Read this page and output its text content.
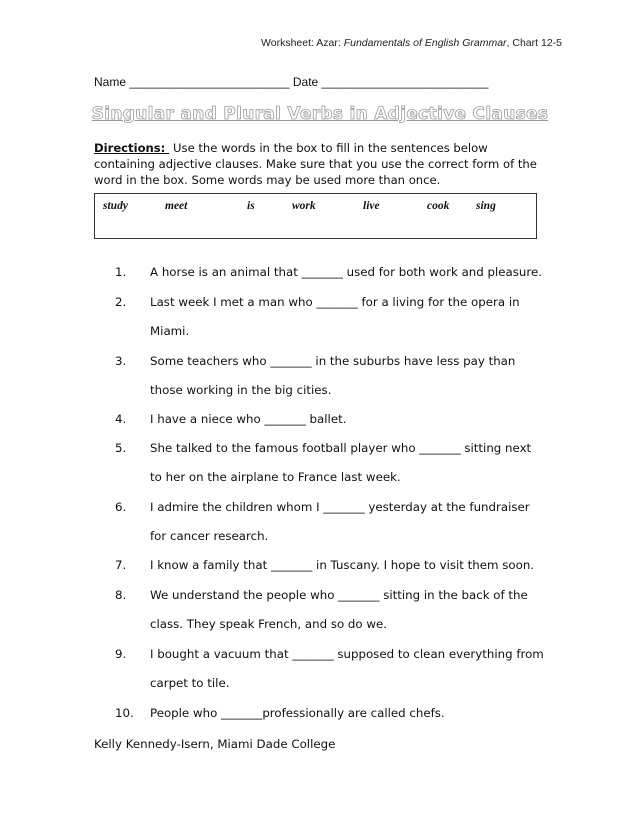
Worksheet: Azar: Fundamentals of English Grammar, Chart 12-5
Name ________________________ Date _________________________
Singular and Plural Verbs in Adjective Clauses
Directions:  Use the words in the box to fill in the sentences below containing adjective clauses. Make sure that you use the correct form of the word in the box. Some words may be used more than once.
study	meet	is	work	live	cook sing
1. A horse is an animal that _______ used for both work and pleasure.
2. Last week I met a man who _______ for a living for the opera in
Miami.
3. Some teachers who _______ in the suburbs have less pay than
those working in the big cities.
4. I have a niece who _______ ballet.
5. She talked to the famous football player who _______ sitting next
to her on the airplane to France last week.
6. I admire the children whom I _______ yesterday at the fundraiser
for cancer research.
7. I know a family that _______ in Tuscany. I hope to visit them soon.
8. We understand the people who _______ sitting in the back of the
class. They speak French, and so do we.
9. I bought a vacuum that _______ supposed to clean everything from
carpet to tile.
10. People who _______professionally are called chefs.
Kelly Kennedy-Isern, Miami Dade College
